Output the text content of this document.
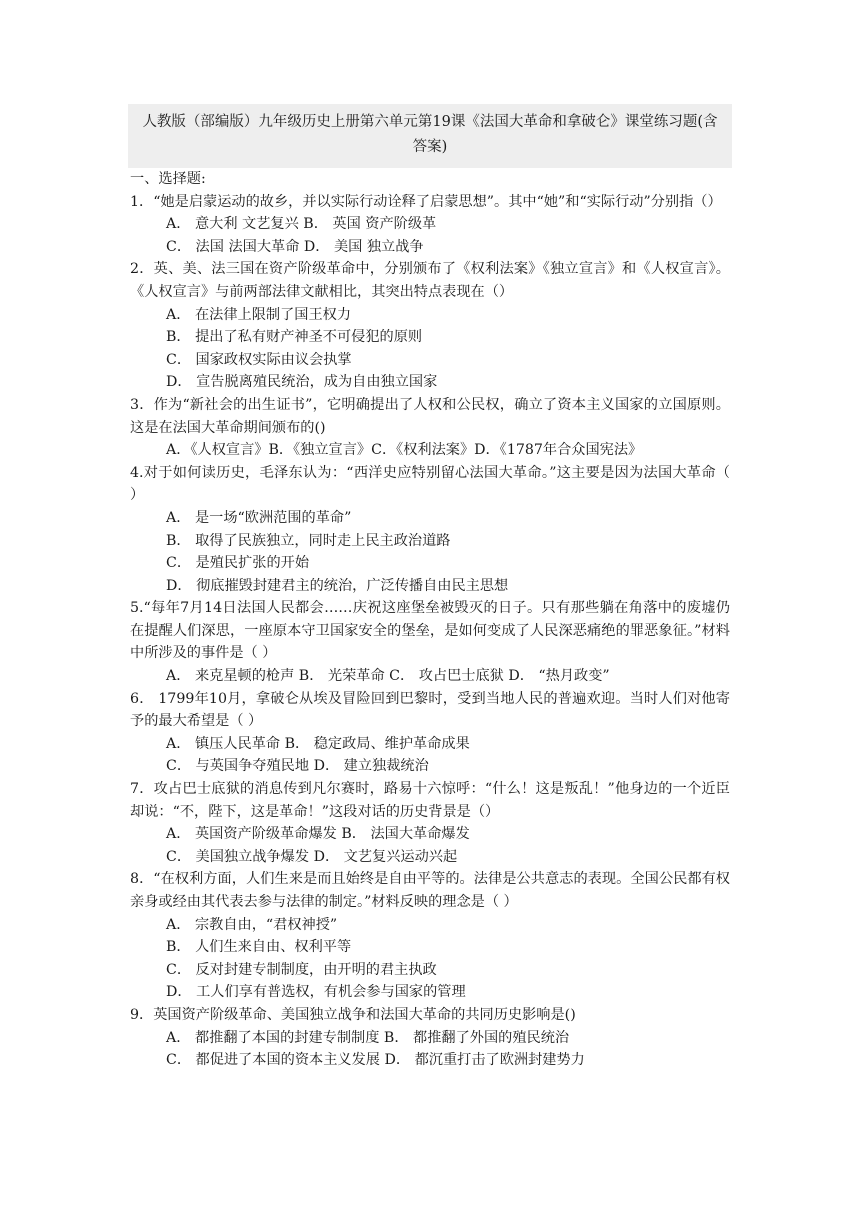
人教版（部编版）九年级历史上册第六单元第19课《法国大革命和拿破仑》课堂练习题(含
答案)

一、选择题:

1．“她是启蒙运动的故乡，并以实际行动诠释了启蒙思想”。其中“她”和“实际行动”分别指（）

A． 意大利 文艺复兴 B． 英国 资产阶级革

C． 法国 法国大革命 D． 美国 独立战争

2．英、美、法三国在资产阶级革命中，分别颁布了《权利法案》《独立宣言》和《人权宣言》。《人权宣言》与前两部法律文献相比，其突出特点表现在（）

A． 在法律上限制了国王权力

B． 提出了私有财产神圣不可侵犯的原则

C． 国家政权实际由议会执掌

D． 宣告脱离殖民统治，成为自由独立国家

3．作为“新社会的出生证书”，它明确提出了人权和公民权，确立了资本主义国家的立国原则。这是在法国大革命期间颁布的()

A．《人权宣言》B．《独立宣言》C．《权利法案》D．《1787年合众国宪法》

4.对于如何读历史，毛泽东认为：“西洋史应特别留心法国大革命。”这主要是因为法国大革命（ ）

A． 是一场“欧洲范围的革命”

B． 取得了民族独立，同时走上民主政治道路

C． 是殖民扩张的开始

D． 彻底摧毁封建君主的统治，广泛传播自由民主思想

5.“每年7月14日法国人民都会……庆祝这座堡垒被毁灭的日子。只有那些躺在角落中的废墟仍在提醒人们深思，一座原本守卫国家安全的堡垒，是如何变成了人民深恶痛绝的罪恶象征。”材料中所涉及的事件是（ ）

A． 来克星顿的枪声 B． 光荣革命 C． 攻占巴士底狱 D． “热月政变”

6． 1799年10月，拿破仑从埃及冒险回到巴黎时，受到当地人民的普遍欢迎。当时人们对他寄予的最大希望是（ ）

A． 镇压人民革命 B． 稳定政局、维护革命成果

C． 与英国争夺殖民地 D． 建立独裁统治

7．攻占巴士底狱的消息传到凡尔赛时，路易十六惊呼：“什么！这是叛乱！”他身边的一个近臣却说：“不，陛下，这是革命！”这段对话的历史背景是（）

A． 英国资产阶级革命爆发 B． 法国大革命爆发

C． 美国独立战争爆发 D． 文艺复兴运动兴起

8．“在权利方面，人们生来是而且始终是自由平等的。法律是公共意志的表现。全国公民都有权亲身或经由其代表去参与法律的制定。”材料反映的理念是（ ）

A． 宗教自由，“君权神授”

B． 人们生来自由、权利平等

C． 反对封建专制制度，由开明的君主执政

D． 工人们享有普选权，有机会参与国家的管理

9．英国资产阶级革命、美国独立战争和法国大革命的共同历史影响是()

A． 都推翻了本国的封建专制制度 B． 都推翻了外国的殖民统治

C． 都促进了本国的资本主义发展 D． 都沉重打击了欧洲封建势力
